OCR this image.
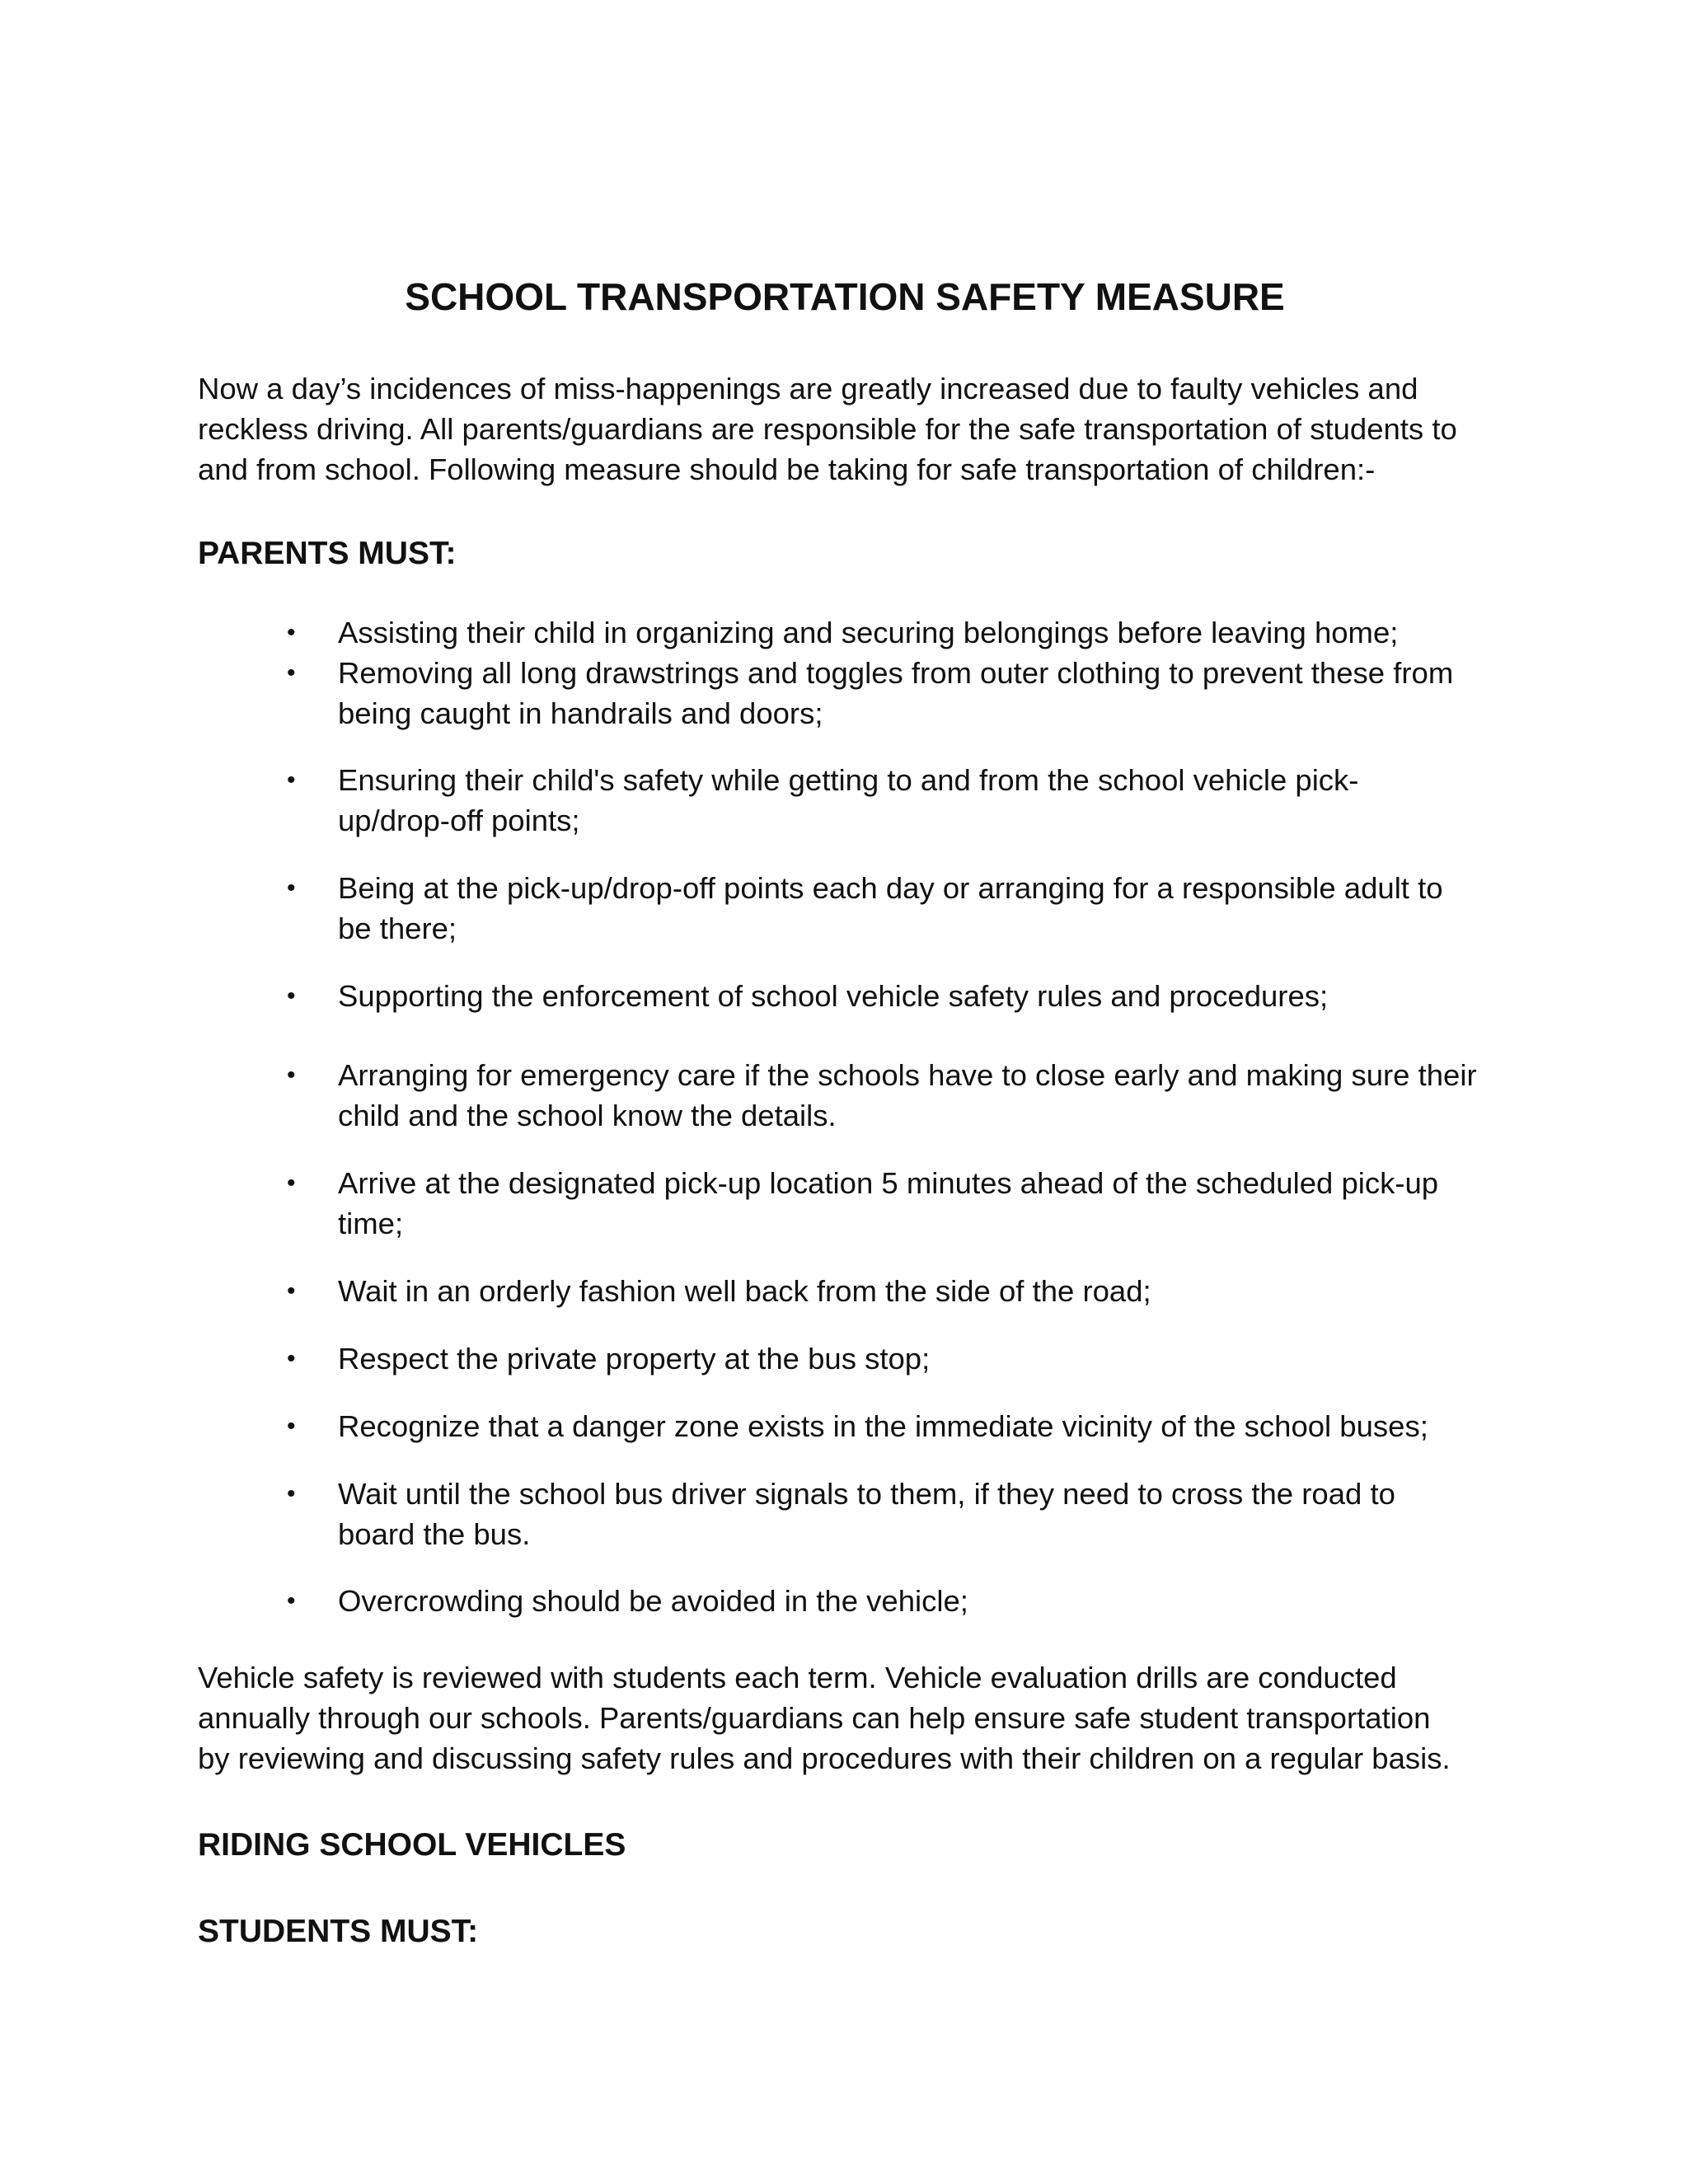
SCHOOL TRANSPORTATION SAFETY MEASURE

Now a day’s incidences of miss-happenings are greatly increased due to faulty vehicles and
reckless driving. All parents/guardians are responsible for the safe transportation of students to
and from school. Following measure should be taking for safe transportation of children:-

PARENTS MUST:
•	Assisting their child in organizing and securing belongings before leaving home;
•	Removing all long drawstrings and toggles from outer clothing to prevent these from
being caught in handrails and doors;
•	Ensuring their child's safety while getting to and from the school vehicle pick-
up/drop-off points;
•	Being at the pick-up/drop-off points each day or arranging for a responsible adult to
be there;
•	Supporting the enforcement of school vehicle safety rules and procedures;
•	Arranging for emergency care if the schools have to close early and making sure their
child and the school know the details.
•	Arrive at the designated pick-up location 5 minutes ahead of the scheduled pick-up
time;
•	Wait in an orderly fashion well back from the side of the road;
•	Respect the private property at the bus stop;
•	Recognize that a danger zone exists in the immediate vicinity of the school buses;
•	Wait until the school bus driver signals to them, if they need to cross the road to
board the bus.
•	Overcrowding should be avoided in the vehicle;

Vehicle safety is reviewed with students each term. Vehicle evaluation drills are conducted
annually through our schools. Parents/guardians can help ensure safe student transportation
by reviewing and discussing safety rules and procedures with their children on a regular basis.

RIDING SCHOOL VEHICLES
STUDENTS MUST:
